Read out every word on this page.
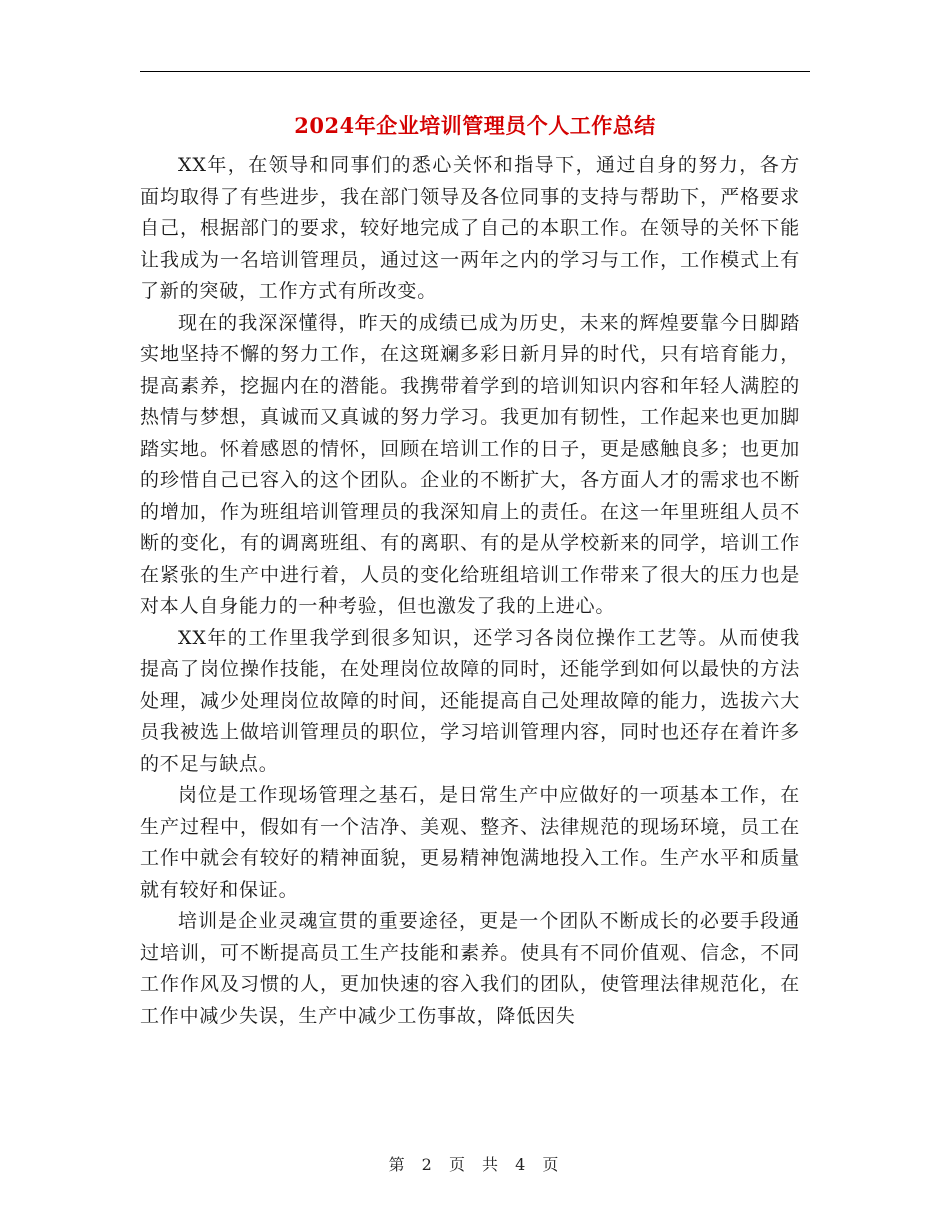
2024年企业培训管理员个人工作总结

XX年，在领导和同事们的悉心关怀和指导下，通过自身的努力，各方面均取得了有些进步，我在部门领导及各位同事的支持与帮助下，严格要求自己，根据部门的要求，较好地完成了自己的本职工作。在领导的关怀下能让我成为一名培训管理员，通过这一两年之内的学习与工作，工作模式上有了新的突破，工作方式有所改变。

现在的我深深懂得，昨天的成绩已成为历史，未来的辉煌要靠今日脚踏实地坚持不懈的努力工作，在这斑斓多彩日新月异的时代，只有培育能力，提高素养，挖掘内在的潜能。我携带着学到的培训知识内容和年轻人满腔的热情与梦想，真诚而又真诚的努力学习。我更加有韧性，工作起来也更加脚踏实地。怀着感恩的情怀，回顾在培训工作的日子，更是感触良多；也更加的珍惜自己已容入的这个团队。企业的不断扩大，各方面人才的需求也不断的增加，作为班组培训管理员的我深知肩上的责任。在这一年里班组人员不断的变化，有的调离班组、有的离职、有的是从学校新来的同学，培训工作在紧张的生产中进行着，人员的变化给班组培训工作带来了很大的压力也是对本人自身能力的一种考验，但也激发了我的上进心。

XX年的工作里我学到很多知识，还学习各岗位操作工艺等。从而使我提高了岗位操作技能，在处理岗位故障的同时，还能学到如何以最快的方法处理，减少处理岗位故障的时间，还能提高自己处理故障的能力，选拔六大员我被选上做培训管理员的职位，学习培训管理内容，同时也还存在着许多的不足与缺点。

岗位是工作现场管理之基石，是日常生产中应做好的一项基本工作，在生产过程中，假如有一个洁净、美观、整齐、法律规范的现场环境，员工在工作中就会有较好的精神面貌，更易精神饱满地投入工作。生产水平和质量就有较好和保证。

培训是企业灵魂宣贯的重要途径，更是一个团队不断成长的必要手段通过培训，可不断提高员工生产技能和素养。使具有不同价值观、信念，不同工作作风及习惯的人，更加快速的容入我们的团队，使管理法律规范化，在工作中减少失误，生产中减少工伤事故，降低因失

第 2 页 共 4 页
